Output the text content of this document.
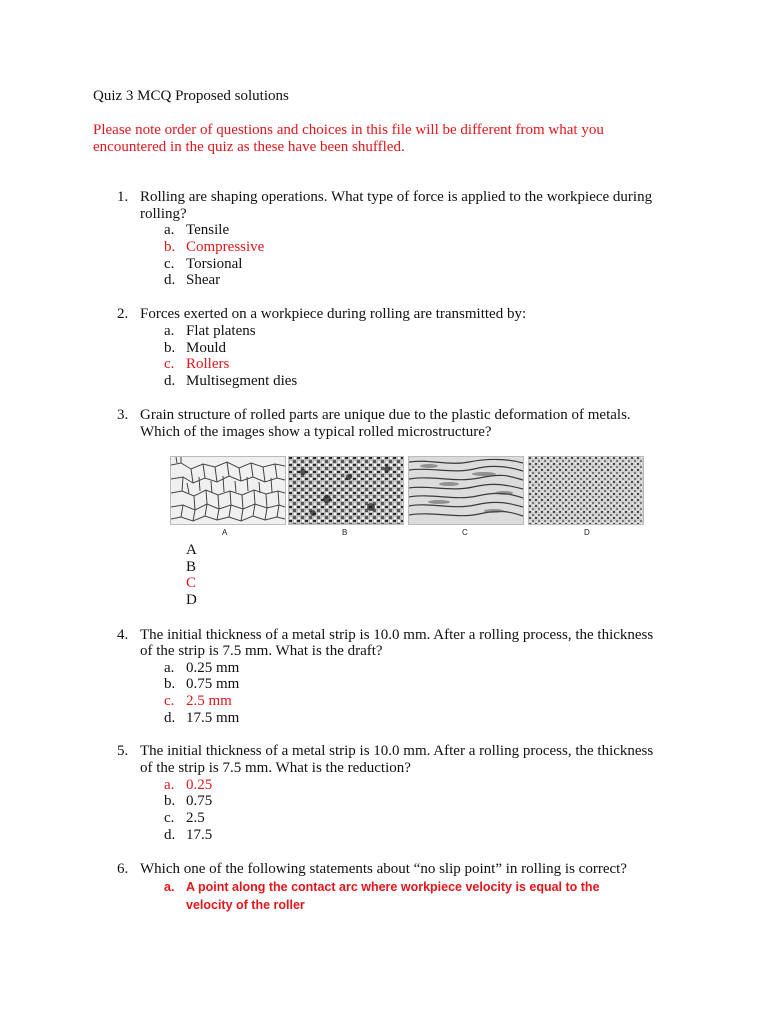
Quiz 3 MCQ Proposed solutions
Please note order of questions and choices in this file will be different from what you
encountered in the quiz as these have been shuffled.
1. Rolling are shaping operations. What type of force is applied to the workpiece during
rolling?
a. Tensile
b. Compressive
c. Torsional
d. Shear
2. Forces exerted on a workpiece during rolling are transmitted by:
a. Flat platens
b. Mould
c. Rollers
d. Multisegment dies
3. Grain structure of rolled parts are unique due to the plastic deformation of metals.
Which of the images show a typical rolled microstructure?
A	B	C	D
A
B
C
D
4. The initial thickness of a metal strip is 10.0 mm. After a rolling process, the thickness
of the strip is 7.5 mm. What is the draft?
a. 0.25 mm
b. 0.75 mm
c. 2.5 mm
d. 17.5 mm
5. The initial thickness of a metal strip is 10.0 mm. After a rolling process, the thickness
of the strip is 7.5 mm. What is the reduction?
a. 0.25
b. 0.75
c. 2.5
d. 17.5
6. Which one of the following statements about “no slip point” in rolling is correct?
a. A point along the contact arc where workpiece velocity is equal to the
velocity of the roller
